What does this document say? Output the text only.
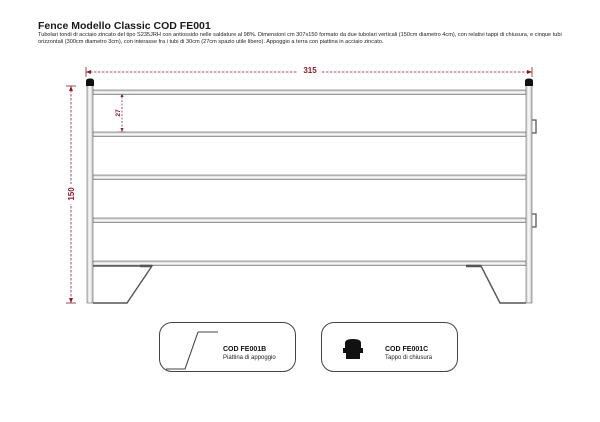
Fence Modello Classic COD FE001

Tubolari tondi di acciaio zincato del tipo S235JRH con antiossido nelle saldature al 98%. Dimensioni cm 307x150 formato da due tubolari verticali (150cm diametro 4cm), con relativi tappi di chiusura, e cinque tubi orizzontali (300cm diametro 3cm), con interasse fra i tubi di 30cm (27cm spazio utile libero). Appoggio a terra con piattina in acciaio zincato.

315
150
27
COD FE001B
Piattina di appoggio
COD FE001C
Tappo di chiusura
